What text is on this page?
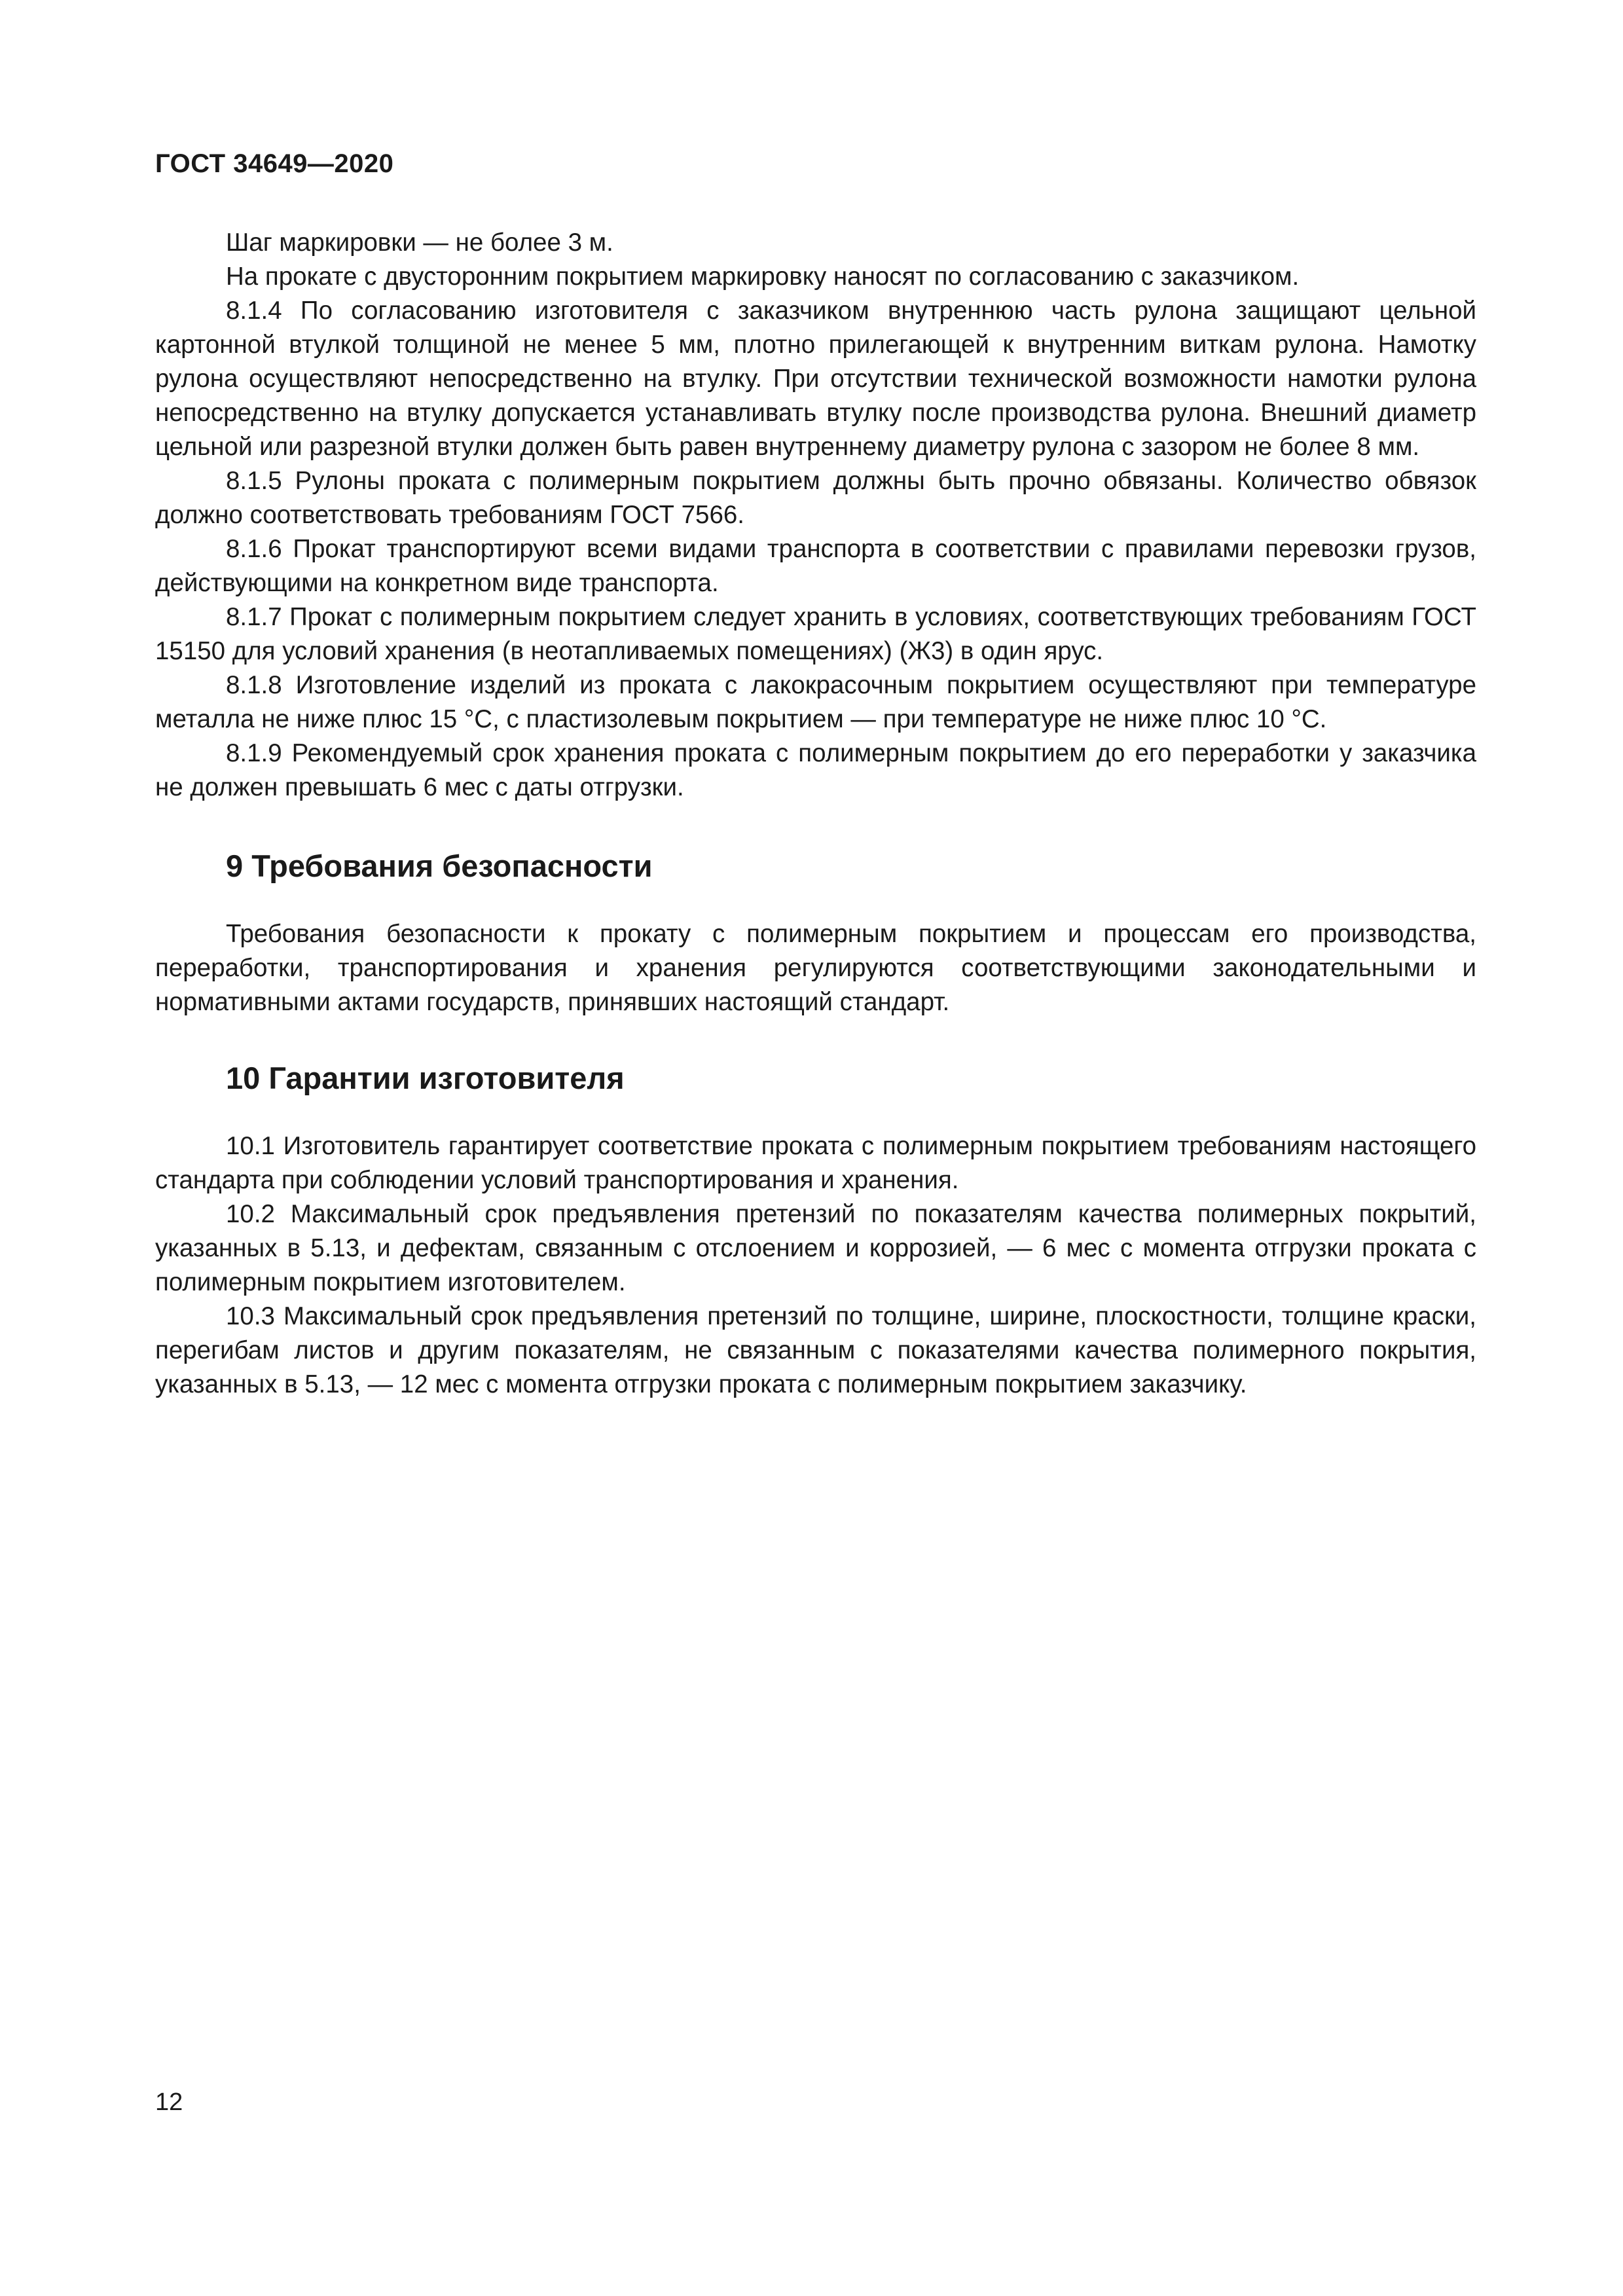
ГОСТ 34649—2020

Шаг маркировки — не более 3 м.

На прокате с двусторонним покрытием маркировку наносят по согласованию с заказчиком.

8.1.4 По согласованию изготовителя с заказчиком внутреннюю часть рулона защищают цельной картонной втулкой толщиной не менее 5 мм, плотно прилегающей к внутренним виткам рулона. Намотку рулона осуществляют непосредственно на втулку. При отсутствии технической возможности намотки рулона непосредственно на втулку допускается устанавливать втулку после производства рулона. Внешний диаметр цельной или разрезной втулки должен быть равен внутреннему диаметру рулона с зазором не более 8 мм.

8.1.5 Рулоны проката с полимерным покрытием должны быть прочно обвязаны. Количество обвязок должно соответствовать требованиям ГОСТ 7566.

8.1.6 Прокат транспортируют всеми видами транспорта в соответствии с правилами перевозки грузов, действующими на конкретном виде транспорта.

8.1.7 Прокат с полимерным покрытием следует хранить в условиях, соответствующих требованиям ГОСТ 15150 для условий хранения (в неотапливаемых помещениях) (Ж3) в один ярус.

8.1.8 Изготовление изделий из проката с лакокрасочным покрытием осуществляют при температуре металла не ниже плюс 15 °С, с пластизолевым покрытием — при температуре не ниже плюс 10 °С.

8.1.9 Рекомендуемый срок хранения проката с полимерным покрытием до его переработки у заказчика не должен превышать 6 мес с даты отгрузки.

9 Требования безопасности

Требования безопасности к прокату с полимерным покрытием и процессам его производства, переработки, транспортирования и хранения регулируются соответствующими законодательными и нормативными актами государств, принявших настоящий стандарт.

10 Гарантии изготовителя

10.1 Изготовитель гарантирует соответствие проката с полимерным покрытием требованиям настоящего стандарта при соблюдении условий транспортирования и хранения.

10.2 Максимальный срок предъявления претензий по показателям качества полимерных покрытий, указанных в 5.13, и дефектам, связанным с отслоением и коррозией, — 6 мес с момента отгрузки проката с полимерным покрытием изготовителем.

10.3 Максимальный срок предъявления претензий по толщине, ширине, плоскостности, толщине краски, перегибам листов и другим показателям, не связанным с показателями качества полимерного покрытия, указанных в 5.13, — 12 мес с момента отгрузки проката с полимерным покрытием заказчику.

12
